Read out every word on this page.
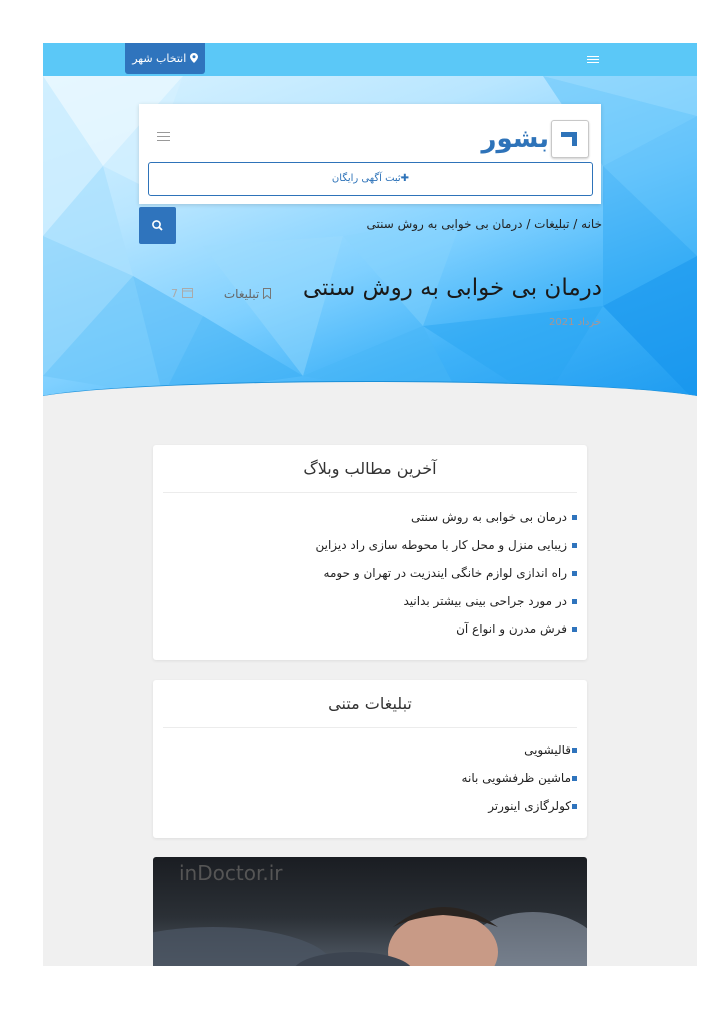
انتخاب شهر
بشور
✚ثبت آگهی رایگان
خانه / تبلیغات / درمان بی خوابی به روش سنتی
درمان بی خوابی به روش سنتی
تبلیغات
7
خرداد 2021
آخرین مطالب وبلاگ
درمان بی خوابی به روش سنتی
زیبایی منزل و محل کار با محوطه سازی راد دیزاین
راه اندازی لوازم خانگی ایندزیت در تهران و حومه
در مورد جراحی بینی بیشتر بدانید
فرش مدرن و انواع آن
تبلیغات متنی
قالیشویی
ماشین ظرفشویی بانه
کولرگازی اینورتر
inDoctor.ir
